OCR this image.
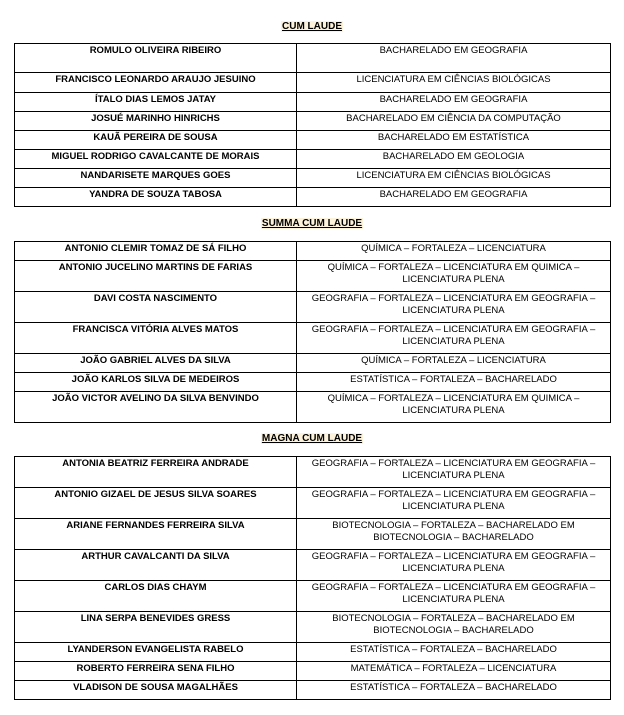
CUM LAUDE
ROMULO OLIVEIRA RIBEIRO	BACHARELADO EM GEOGRAFIA
FRANCISCO LEONARDO ARAUJO JESUINO	LICENCIATURA EM CIÊNCIAS BIOLÓGICAS
ÍTALO DIAS LEMOS JATAY	BACHARELADO EM GEOGRAFIA
JOSUÉ MARINHO HINRICHS	BACHARELADO EM CIÊNCIA DA COMPUTAÇÃO
KAUÃ PEREIRA DE SOUSA	BACHARELADO EM ESTATÍSTICA
MIGUEL RODRIGO CAVALCANTE DE MORAIS	BACHARELADO EM GEOLOGIA
NANDARISETE MARQUES GOES	LICENCIATURA EM CIÊNCIAS BIOLÓGICAS
YANDRA DE SOUZA TABOSA	BACHARELADO EM GEOGRAFIA
SUMMA CUM LAUDE
ANTONIO CLEMIR TOMAZ DE SÁ FILHO	QUÍMICA – FORTALEZA – LICENCIATURA
ANTONIO JUCELINO MARTINS DE FARIAS	QUÍMICA – FORTALEZA – LICENCIATURA EM QUIMICA – LICENCIATURA PLENA
DAVI COSTA NASCIMENTO	GEOGRAFIA – FORTALEZA – LICENCIATURA EM GEOGRAFIA – LICENCIATURA PLENA
FRANCISCA VITÓRIA ALVES MATOS	GEOGRAFIA – FORTALEZA – LICENCIATURA EM GEOGRAFIA – LICENCIATURA PLENA
JOÃO GABRIEL ALVES DA SILVA	QUÍMICA – FORTALEZA – LICENCIATURA
JOÃO KARLOS SILVA DE MEDEIROS	ESTATÍSTICA – FORTALEZA – BACHARELADO
JOÃO VICTOR AVELINO DA SILVA BENVINDO	QUÍMICA – FORTALEZA – LICENCIATURA EM QUIMICA – LICENCIATURA PLENA
MAGNA CUM LAUDE
ANTONIA BEATRIZ FERREIRA ANDRADE	GEOGRAFIA – FORTALEZA – LICENCIATURA EM GEOGRAFIA – LICENCIATURA PLENA
ANTONIO GIZAEL DE JESUS SILVA SOARES	GEOGRAFIA – FORTALEZA – LICENCIATURA EM GEOGRAFIA – LICENCIATURA PLENA
ARIANE FERNANDES FERREIRA SILVA	BIOTECNOLOGIA – FORTALEZA – BACHARELADO EM BIOTECNOLOGIA – BACHARELADO
ARTHUR CAVALCANTI DA SILVA	GEOGRAFIA – FORTALEZA – LICENCIATURA EM GEOGRAFIA – LICENCIATURA PLENA
CARLOS DIAS CHAYM	GEOGRAFIA – FORTALEZA – LICENCIATURA EM GEOGRAFIA – LICENCIATURA PLENA
LINA SERPA BENEVIDES GRESS	BIOTECNOLOGIA – FORTALEZA – BACHARELADO EM BIOTECNOLOGIA – BACHARELADO
LYANDERSON EVANGELISTA RABELO	ESTATÍSTICA – FORTALEZA – BACHARELADO
ROBERTO FERREIRA SENA FILHO	MATEMÁTICA – FORTALEZA – LICENCIATURA
VLADISON DE SOUSA MAGALHÃES	ESTATÍSTICA – FORTALEZA – BACHARELADO
